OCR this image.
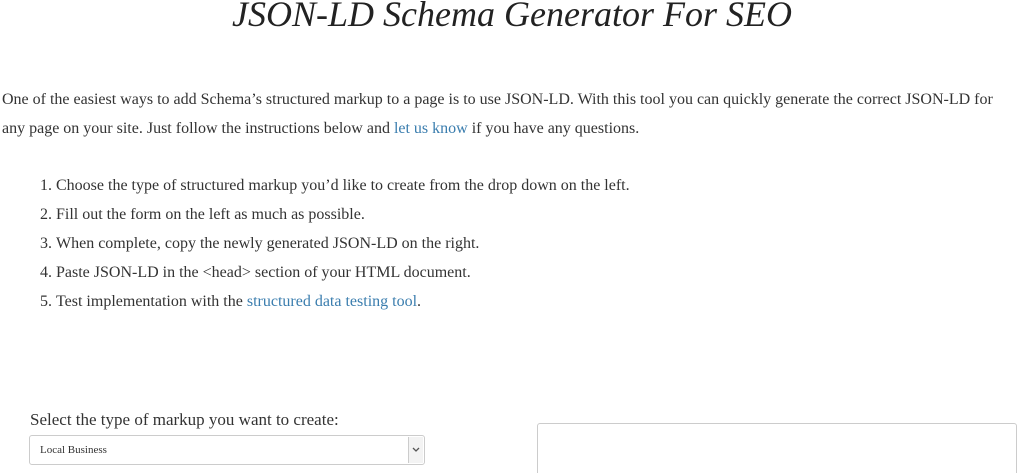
JSON-LD Schema Generator For SEO

One of the easiest ways to add Schema’s structured markup to a page is to use JSON-LD. With this tool you can quickly generate the correct JSON-LD for any page on your site. Just follow the instructions below and let us know if you have any questions.

1. Choose the type of structured markup you’d like to create from the drop down on the left.
2. Fill out the form on the left as much as possible.
3. When complete, copy the newly generated JSON-LD on the right.
4. Paste JSON-LD in the <head> section of your HTML document.
5. Test implementation with the structured data testing tool.

Select the type of markup you want to create:

Local Business
